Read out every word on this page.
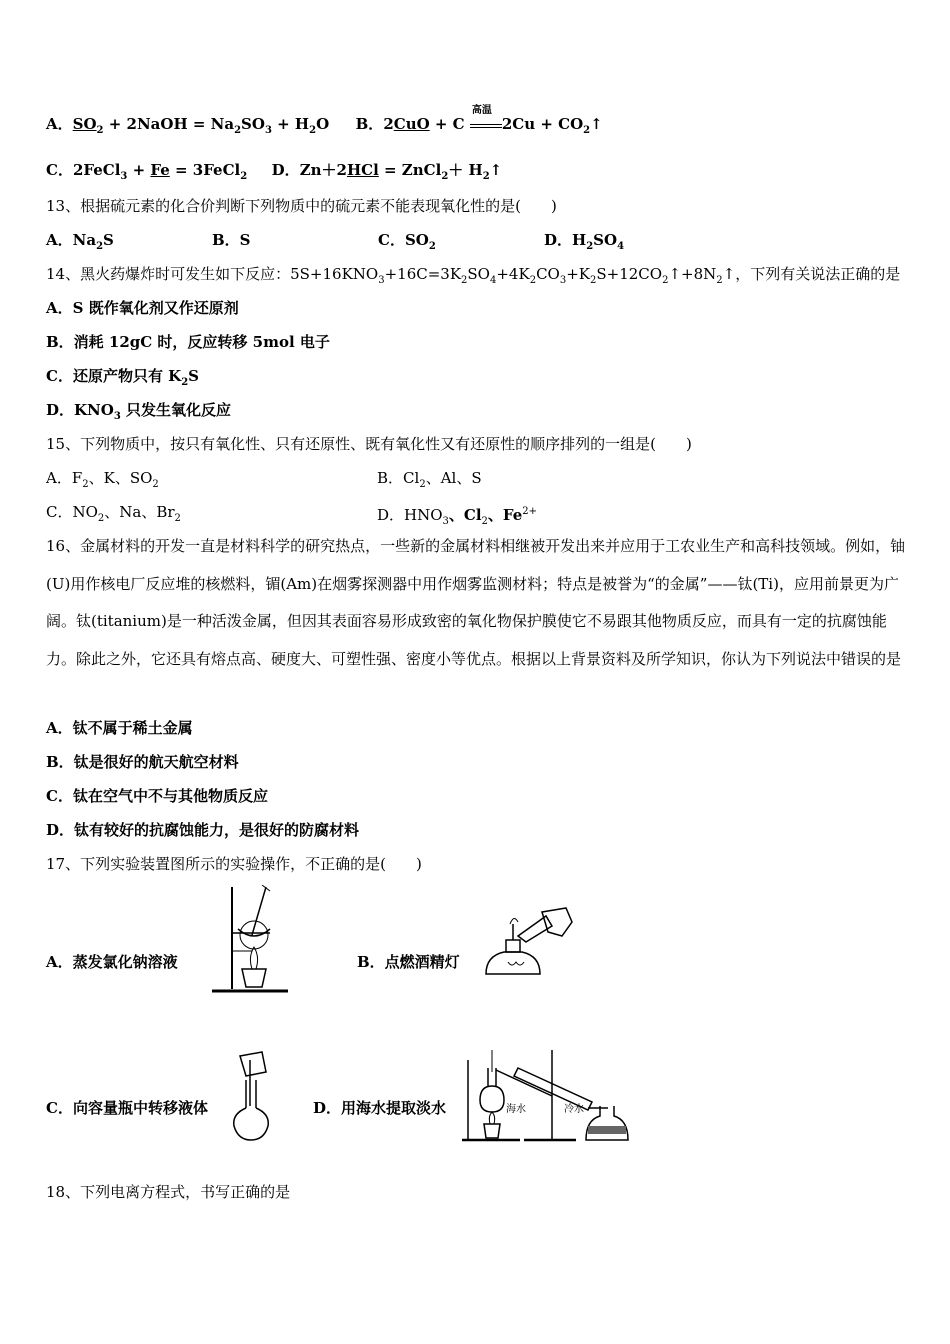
A．$SO_2$ + 2NaOH = $Na_2SO_3 + H_2O$ B．2CuO + C
高温
$2Cu + CO_2↑$
C．2FeCl$_3$ + Fe = 3FeCl$_2$ D．Zn＋2HCl = ZnCl$_2$＋ $H_2↑$
13、根据硫元素的化合价判断下列物质中的硫元素不能表现氧化性的是(　　)
A．$Na_2S$	B．S	C．$SO_2$	D．$H_2SO_4$
14、黑火药爆炸时可发生如下反应：$5S+16KNO_3+16C=3K_2SO_4+4K_2CO_3+K_2S+12CO_2↑+8N_2↑$，下列有关说法正确的是
A．S 既作氧化剂又作还原剂
B．消耗 12gC 时，反应转移 5mol 电子
C．还原产物只有 $K_2S$
D．$KNO_3$ 只发生氧化反应
15、下列物质中，按只有氧化性、只有还原性、既有氧化性又有还原性的顺序排列的一组是(　　)
A．$F_2$、K、$SO_2$	B．$Cl_2$、Al、S
C．$NO_2$、Na、$Br_2$	D．$HNO_3$、$Cl_2$、$Fe^{2+}$
16、金属材料的开发一直是材料科学的研究热点，一些新的金属材料相继被开发出来并应用于工农业生产和高科技领域。例如，铀(U)用作核电厂反应堆的核燃料，镅(Am)在烟雾探测器中用作烟雾监测材料；特点是被誉为“的金属”——钛(Ti)，应用前景更为广阔。钛(titanium)是一种活泼金属，但因其表面容易形成致密的氧化物保护膜使它不易跟其他物质反应，而具有一定的抗腐蚀能力。除此之外，它还具有熔点高、硬度大、可塑性强、密度小等优点。根据以上背景资料及所学知识，你认为下列说法中错误的是
A．钛不属于稀土金属
B．钛是很好的航天航空材料
C．钛在空气中不与其他物质反应
D．钛有较好的抗腐蚀能力，是很好的防腐材料
17、下列实验装置图所示的实验操作，不正确的是(　　)
A．蒸发氯化钠溶液	B．点燃酒精灯
C．向容量瓶中转移液体	D．用海水提取淡水	海水	冷水
18、下列电离方程式，书写正确的是
